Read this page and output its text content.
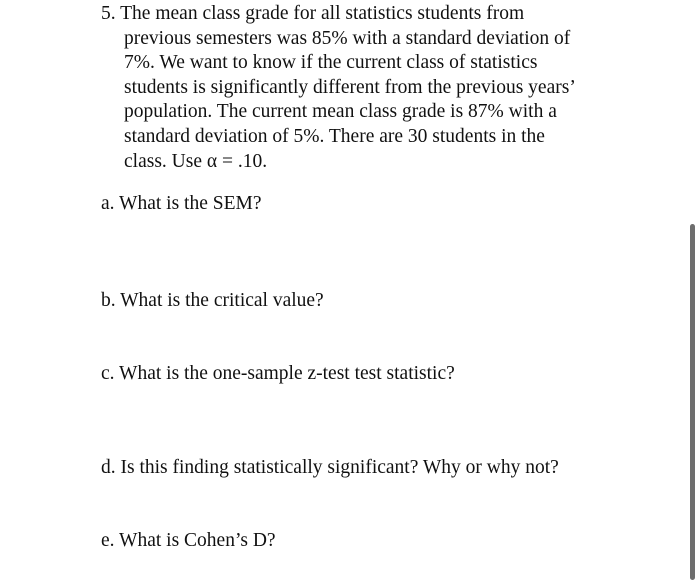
5. The mean class grade for all statistics students from
previous semesters was 85% with a standard deviation of
7%. We want to know if the current class of statistics
students is significantly different from the previous years’
population. The current mean class grade is 87% with a
standard deviation of 5%. There are 30 students in the
class. Use α = .10.
a. What is the SEM?
b. What is the critical value?
c. What is the one-sample z-test test statistic?
d. Is this finding statistically significant? Why or why not?
e. What is Cohen’s D?
